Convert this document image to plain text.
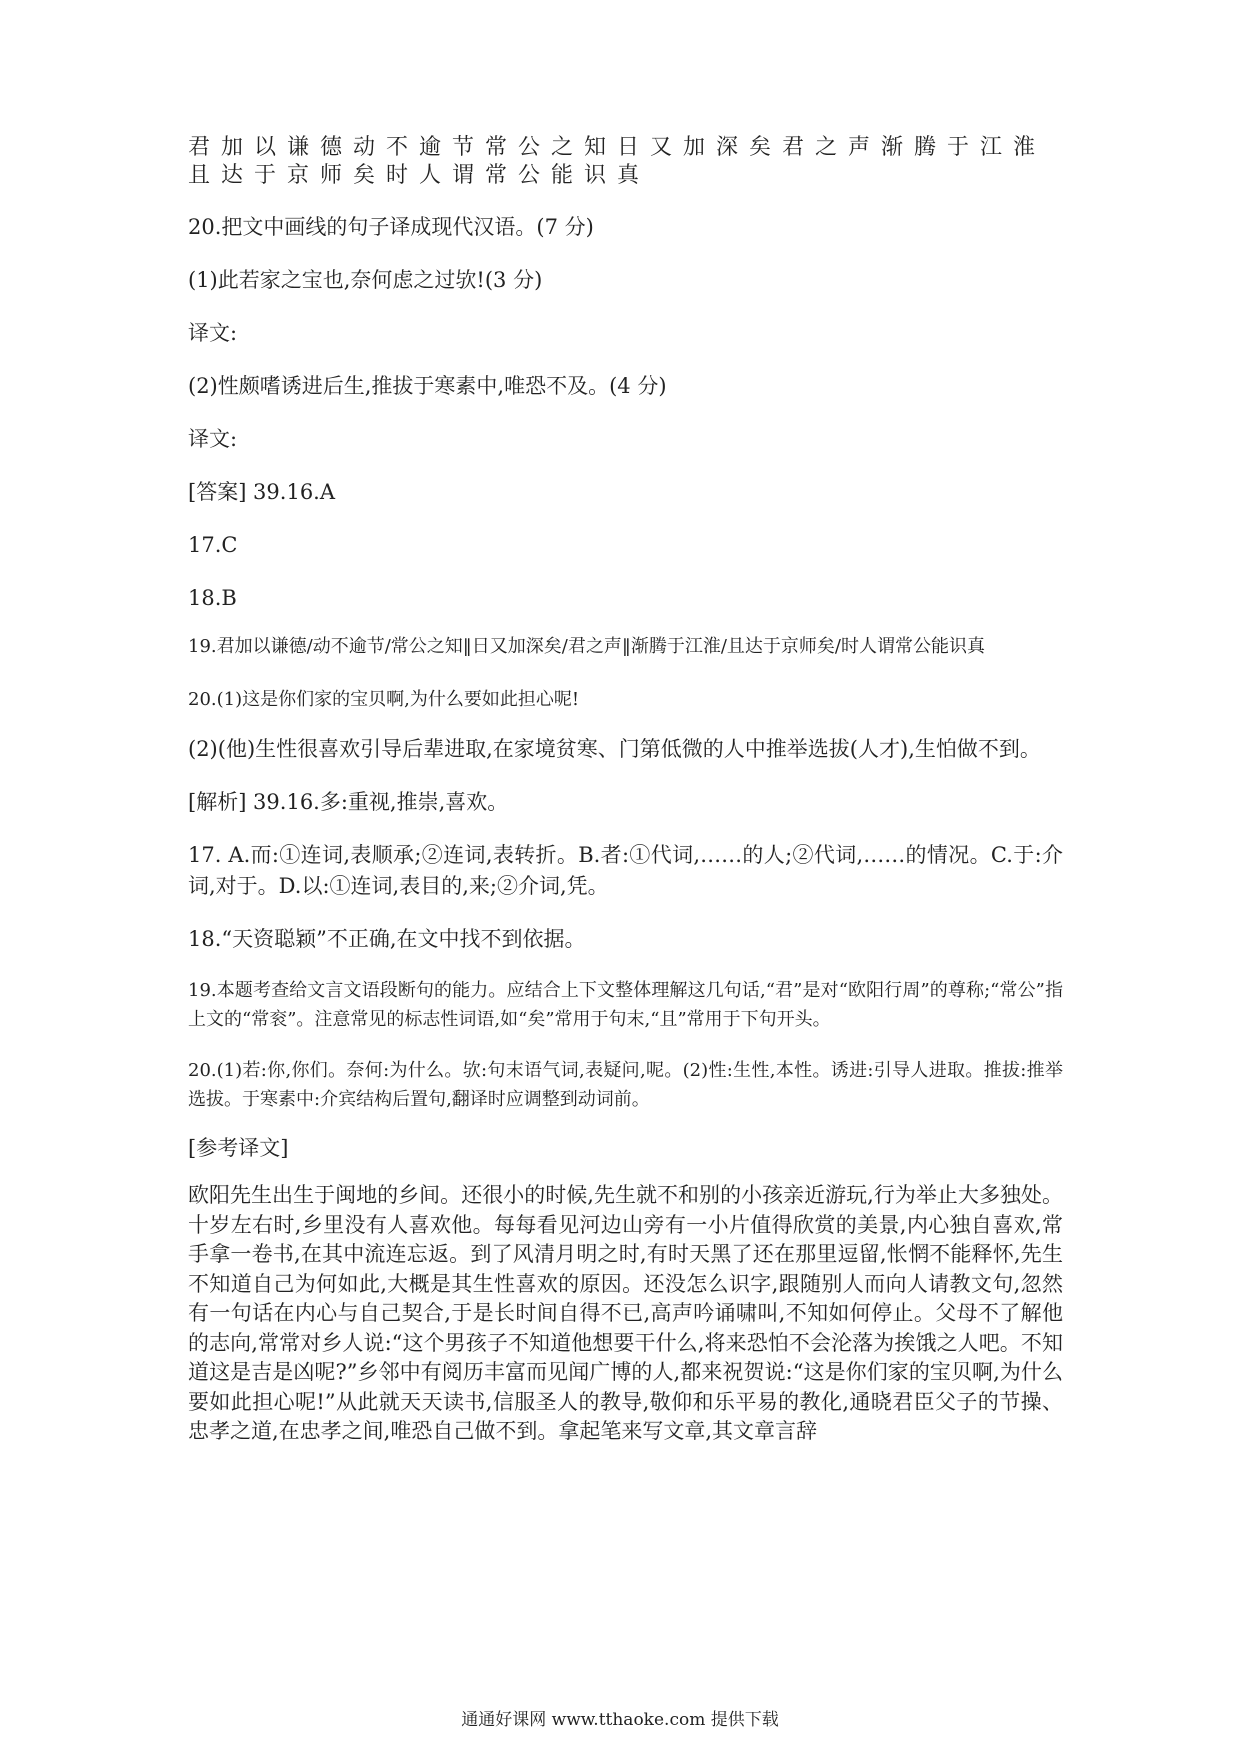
君加以谦德动不逾节常公之知日又加深矣君之声渐腾于江淮
且达于京师矣时人谓常公能识真
20.把文中画线的句子译成现代汉语。(7 分)
(1)此若家之宝也,奈何虑之过欤!(3 分)
译文:
(2)性颇嗜诱进后生,推拔于寒素中,唯恐不及。(4 分)
译文:
[答案] 39.16.A
17.C
18.B
19.君加以谦德/动不逾节/常公之知‖日又加深矣/君之声‖渐腾于江淮/且达于京师矣/时人谓常公能识真
20.(1)这是你们家的宝贝啊,为什么要如此担心呢!
(2)(他)生性很喜欢引导后辈进取,在家境贫寒、门第低微的人中推举选拔(人才),生怕做不到。
[解析] 39.16.多:重视,推崇,喜欢。
17. A.而:①连词,表顺承;②连词,表转折。B.者:①代词,……的人;②代词,……的情况。C.于:介词,对于。D.以:①连词,表目的,来;②介词,凭。
18.“天资聪颖”不正确,在文中找不到依据。
19.本题考查给文言文语段断句的能力。应结合上下文整体理解这几句话,“君”是对“欧阳行周”的尊称;“常公”指上文的“常衮”。注意常见的标志性词语,如“矣”常用于句末,“且”常用于下句开头。
20.(1)若:你,你们。奈何:为什么。欤:句末语气词,表疑问,呢。(2)性:生性,本性。诱进:引导人进取。推拔:推举选拔。于寒素中:介宾结构后置句,翻译时应调整到动词前。
[参考译文]
欧阳先生出生于闽地的乡间。还很小的时候,先生就不和别的小孩亲近游玩,行为举止大多独处。十岁左右时,乡里没有人喜欢他。每每看见河边山旁有一小片值得欣赏的美景,内心独自喜欢,常手拿一卷书,在其中流连忘返。到了风清月明之时,有时天黑了还在那里逗留,怅惘不能释怀,先生不知道自己为何如此,大概是其生性喜欢的原因。还没怎么识字,跟随别人而向人请教文句,忽然有一句话在内心与自己契合,于是长时间自得不已,高声吟诵啸叫,不知如何停止。父母不了解他的志向,常常对乡人说:“这个男孩子不知道他想要干什么,将来恐怕不会沦落为挨饿之人吧。不知道这是吉是凶呢?”乡邻中有阅历丰富而见闻广博的人,都来祝贺说:“这是你们家的宝贝啊,为什么要如此担心呢!”从此就天天读书,信服圣人的教导,敬仰和乐平易的教化,通晓君臣父子的节操、忠孝之道,在忠孝之间,唯恐自己做不到。拿起笔来写文章,其文章言辞
通通好课网 www.tthaoke.com 提供下载
